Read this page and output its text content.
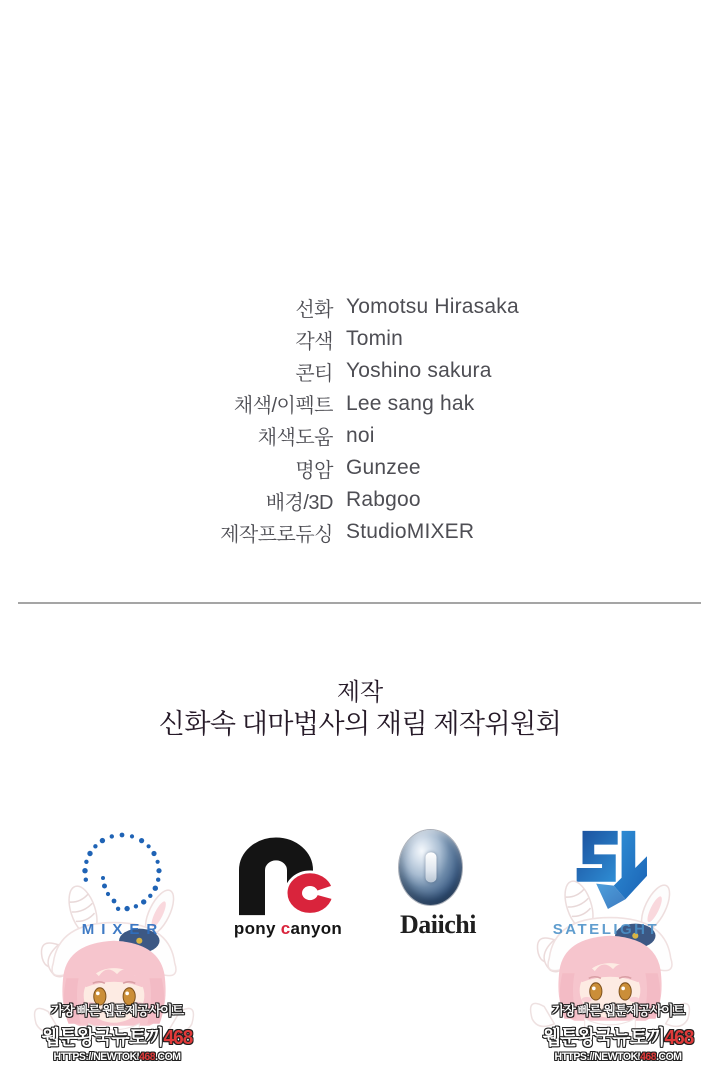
선화 Yomotsu Hirasaka
각색 Tomin
콘티 Yoshino sakura
채색/이펙트 Lee sang hak
채색도움 noi
명암 Gunzee
배경/3D Rabgoo
제작프로듀싱 StudioMIXER
제작
신화속 대마법사의 재림 제작위원회
MIXER	pony canyon	Daiichi	SATELIGHT
가장 빠른 웹툰제공사이트
웹툰왕국뉴토끼468
HTTPS://NEWTOKI468.COM
가장 빠른 웹툰제공사이트
웹툰왕국뉴토끼468
HTTPS://NEWTOKI468.COM
